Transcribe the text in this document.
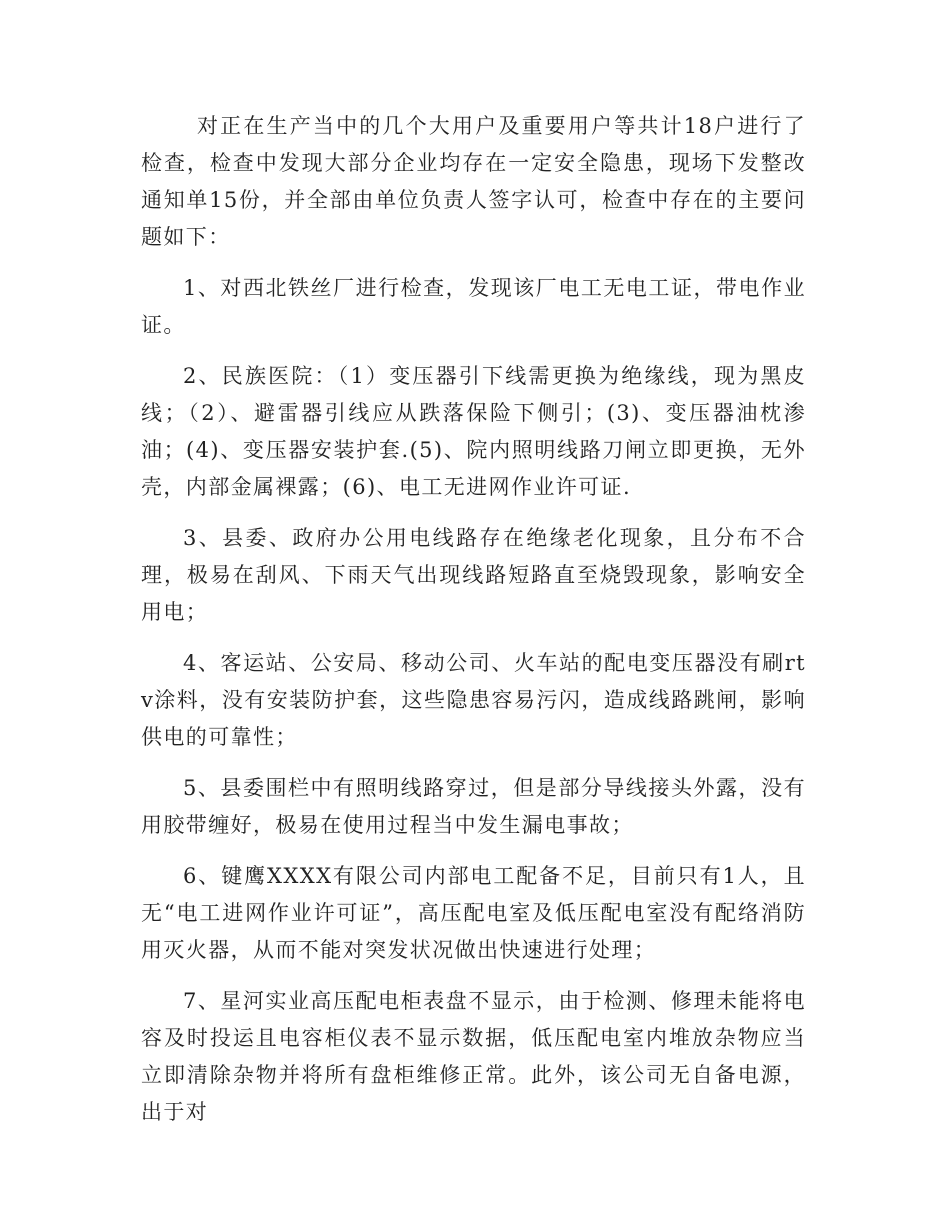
对正在生产当中的几个大用户及重要用户等共计18户进行了检查，检查中发现大部分企业均存在一定安全隐患，现场下发整改通知单15份，并全部由单位负责人签字认可，检查中存在的主要问题如下：

1、对西北铁丝厂进行检查，发现该厂电工无电工证，带电作业证。

2、民族医院：（1）变压器引下线需更换为绝缘线，现为黑皮线；（2）、避雷器引线应从跌落保险下侧引；(3)、变压器油枕渗油；(4)、变压器安装护套.(5)、院内照明线路刀闸立即更换，无外壳，内部金属裸露；(6)、电工无进网作业许可证.

3、县委、政府办公用电线路存在绝缘老化现象，且分布不合理，极易在刮风、下雨天气出现线路短路直至烧毁现象，影响安全用电；

4、客运站、公安局、移动公司、火车站的配电变压器没有刷rtv涂料，没有安装防护套，这些隐患容易污闪，造成线路跳闸，影响供电的可靠性；

5、县委围栏中有照明线路穿过，但是部分导线接头外露，没有用胶带缠好，极易在使用过程当中发生漏电事故；

6、键鹰XXXX有限公司内部电工配备不足，目前只有1人，且无“电工进网作业许可证”，高压配电室及低压配电室没有配络消防用灭火器，从而不能对突发状况做出快速进行处理；

7、星河实业高压配电柜表盘不显示，由于检测、修理未能将电容及时投运且电容柜仪表不显示数据，低压配电室内堆放杂物应当立即清除杂物并将所有盘柜维修正常。此外，该公司无自备电源，出于对
